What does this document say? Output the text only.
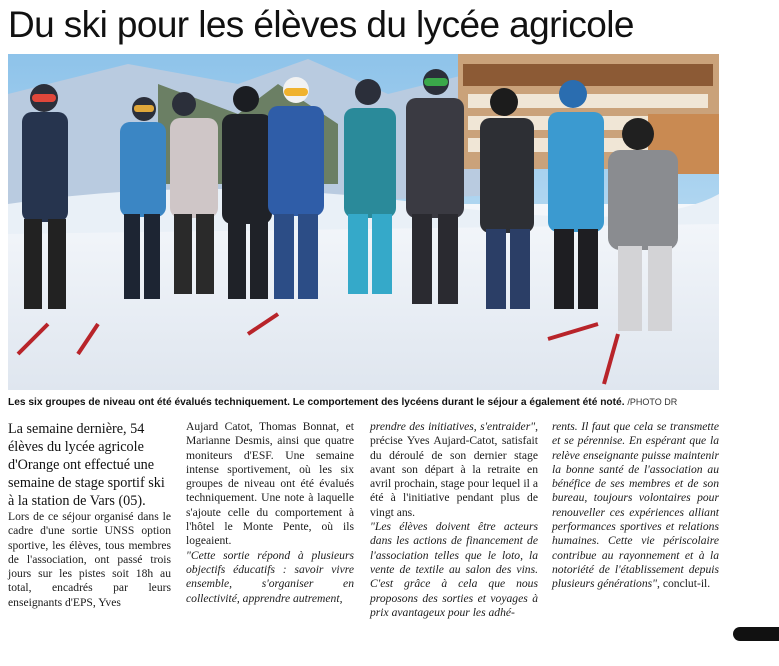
Du ski pour les élèves du lycée agricole
Les six groupes de niveau ont été évalués techniquement. Le comportement des lycéens durant le séjour a également été noté. /PHOTO DR

La semaine dernière, 54 élèves du lycée agricole d'Orange ont effectué une semaine de stage sportif ski à la station de Vars (05).

Lors de ce séjour organisé dans le cadre d'une sortie UNSS option sportive, les élèves, tous membres de l'association, ont passé trois jours sur les pistes soit 18h au total, encadrés par leurs enseignants d'EPS, Yves

Aujard Catot, Thomas Bonnat, et Marianne Desmis, ainsi que quatre moniteurs d'ESF. Une semaine intense sportivement, où les six groupes de niveau ont été évalués techniquement. Une note à laquelle s'ajoute celle du comportement à l'hôtel le Monte Pente, où ils logeaient.

"Cette sortie répond à plusieurs objectifs éducatifs : savoir vivre ensemble, s'organiser en collectivité, apprendre autrement,

prendre des initiatives, s'entraider", précise Yves Aujard-Catot, satisfait du déroulé de son dernier stage avant son départ à la retraite en avril prochain, stage pour lequel il a été à l'initiative pendant plus de vingt ans.

"Les élèves doivent être acteurs dans les actions de financement de l'association telles que le loto, la vente de textile au salon des vins. C'est grâce à cela que nous proposons des sorties et voyages à prix avantageux pour les adhé-

rents. Il faut que cela se transmette et se pérennise. En espérant que la relève enseignante puisse maintenir la bonne santé de l'association au bénéfice de ses membres et de son bureau, toujours volontaires pour renouveller ces expériences alliant performances sportives et relations humaines. Cette vie périscolaire contribue au rayonnement et à la notoriété de l'établissement depuis plusieurs générations", conclut-il.
